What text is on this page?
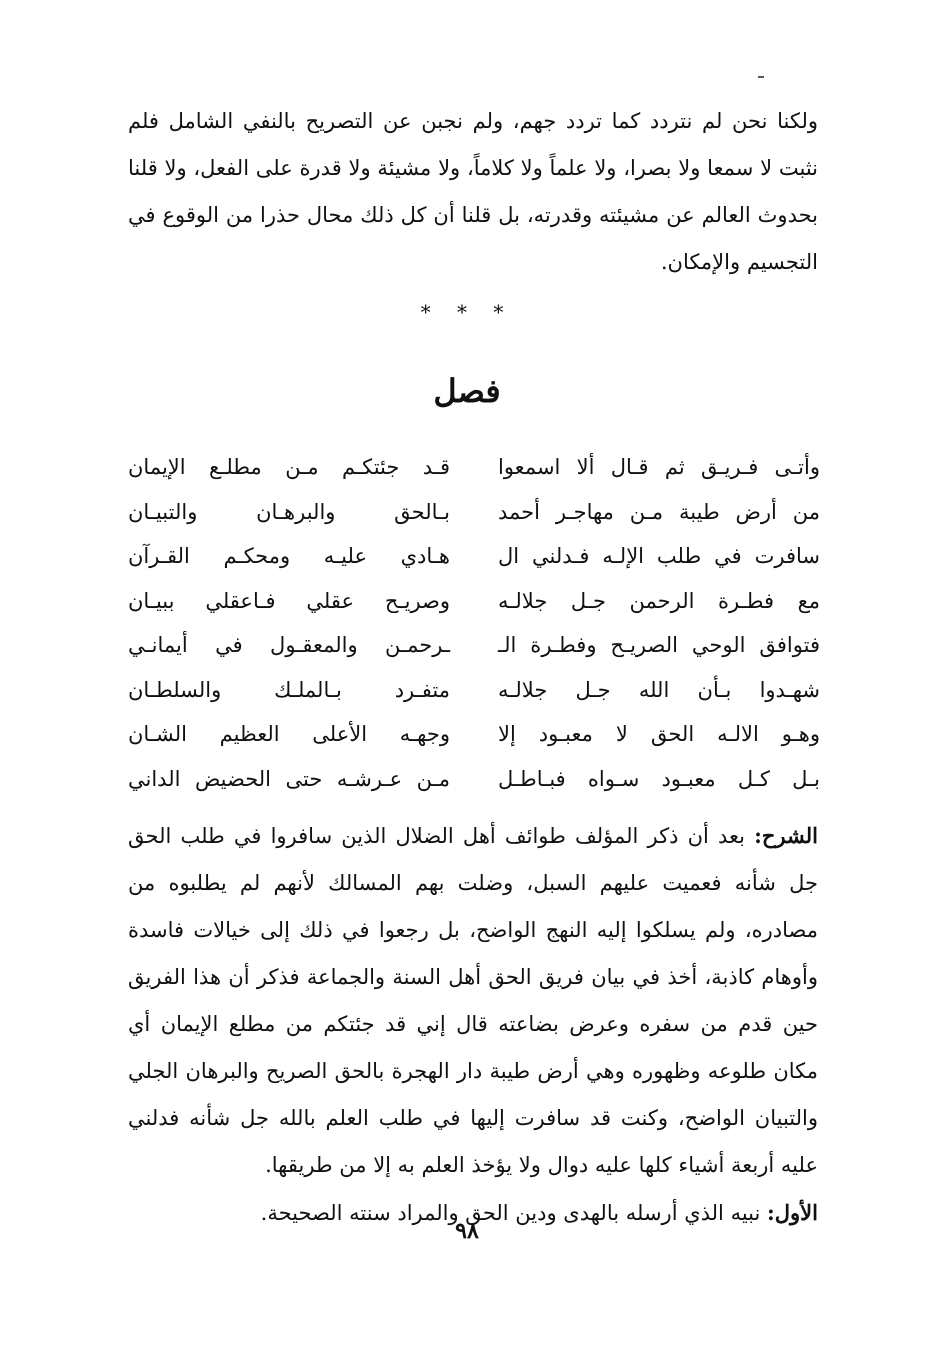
ولكنا نحن لم نتردد كما تردد جهم، ولم نجبن عن التصريح بالنفي الشامل فلم نثبت لا سمعا ولا بصرا، ولا علماً ولا كلاماً، ولا مشيئة ولا قدرة على الفعل، ولا قلنا بحدوث العالم عن مشيئته وقدرته، بل قلنا أن كل ذلك محال حذرا من الوقوع في التجسيم والإمكان.

* * *
فصل
وأتـى فـريـق ثم قـال ألا اسمعوا
قـد جئتكـم مـن مطلـع الإيمان
من أرض طيبة مـن مهاجـر أحمد
بـالحق والبرهـان والتبيـان
سافرت في طلب الإلـه فـدلني ال
هـادي عليـه ومحكـم القـرآن
مع فطـرة الرحمن جـل جلالـه
وصريـح عقلي فـاعقلي ببيـان
فتوافق الوحي الصريـح وفطـرة الـ
ـرحمـن والمعقـول في أيمانـي
شهـدوا بـأن الله جـل جلالـه
متفـرد بـالملـك والسلطـان
وهـو الالـه الحق لا معبـود إلا
وجهـه الأعلى العظيم الشـان
بـل كـل معبـود سـواه فبـاطـل
مـن عـرشـه حتى الحضيض الداني

الشرح: بعد أن ذكر المؤلف طوائف أهل الضلال الذين سافروا في طلب الحق جل شأنه فعميت عليهم السبل، وضلت بهم المسالك لأنهم لم يطلبوه من مصادره، ولم يسلكوا إليه النهج الواضح، بل رجعوا في ذلك إلى خيالات فاسدة وأوهام كاذبة، أخذ في بيان فريق الحق أهل السنة والجماعة فذكر أن هذا الفريق حين قدم من سفره وعرض بضاعته قال إني قد جئتكم من مطلع الإيمان أي مكان طلوعه وظهوره وهي أرض طيبة دار الهجرة بالحق الصريح والبرهان الجلي والتبيان الواضح، وكنت قد سافرت إليها في طلب العلم بالله جل شأنه فدلني عليه أربعة أشياء كلها عليه دوال ولا يؤخذ العلم به إلا من طريقها.

الأول: نبيه الذي أرسله بالهدى ودين الحق والمراد سنته الصحيحة.

٩٨
